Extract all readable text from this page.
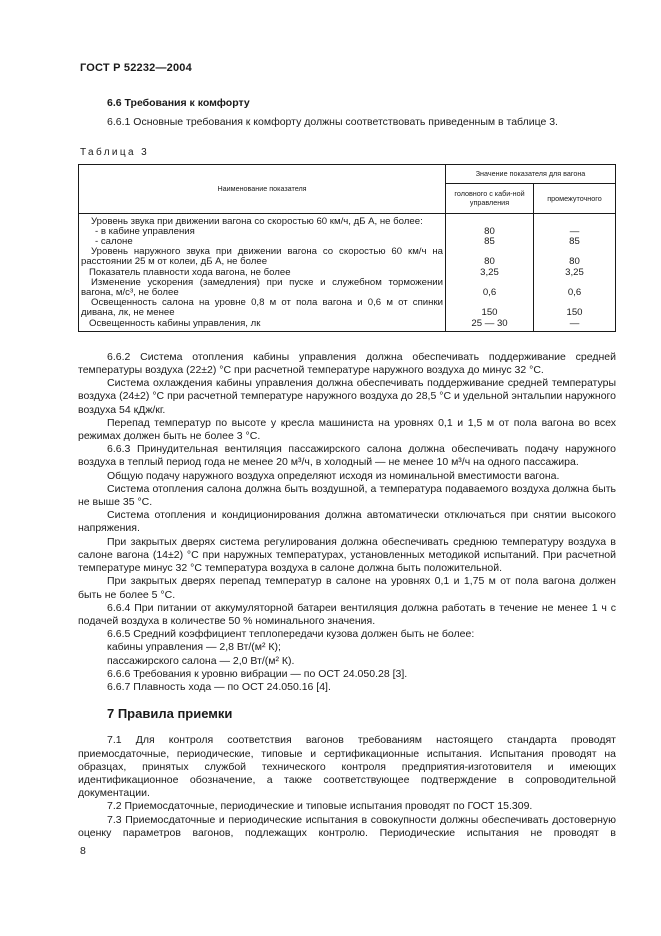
ГОСТ Р 52232—2004

6.6 Требования к комфорту

6.6.1 Основные требования к комфорту должны соответствовать приведенным в таблице 3.

Таблица 3
Наименование показателя	Значение показателя для вагона	
	головного с каби-ной управления	промежуточного
Уровень звука при движении вагона со скоростью 60 км/ч, дБ А, не более:		
- в кабине управления	80	—
- салоне	85	85
Уровень наружного звука при движении вагона со скоростью 60 км/ч на расстоянии 25 м от колеи, дБ А, не более	80	80
Показатель плавности хода вагона, не более	3,25	3,25
Изменение ускорения (замедления) при пуске и служебном торможении вагона, м/с³, не более	0,6	0,6
Освещенность салона на уровне 0,8 м от пола вагона и 0,6 м от спинки дивана, лк, не менее	150	150
Освещенность кабины управления, лк	25 — 30	—

6.6.2 Система отопления кабины управления должна обеспечивать поддерживание средней температуры воздуха (22±2) °С при расчетной температуре наружного воздуха до минус 32 °С.

Система охлаждения кабины управления должна обеспечивать поддерживание средней температуры воздуха (24±2) °С при расчетной температуре наружного воздуха до 28,5 °С и удельной энтальпии наружного воздуха 54 кДж/кг.

Перепад температур по высоте у кресла машиниста на уровнях 0,1 и 1,5 м от пола вагона во всех режимах должен быть не более 3 °С.

6.6.3 Принудительная вентиляция пассажирского салона должна обеспечивать подачу наружного воздуха в теплый период года не менее 20 м³/ч, в холодный — не менее 10 м³/ч на одного пассажира.

Общую подачу наружного воздуха определяют исходя из номинальной вместимости вагона.

Система отопления салона должна быть воздушной, а температура подаваемого воздуха должна быть не выше 35 °С.

Система отопления и кондиционирования должна автоматически отключаться при снятии высокого напряжения.

При закрытых дверях система регулирования должна обеспечивать среднюю температуру воздуха в салоне вагона (14±2) °С при наружных температурах, установленных методикой испытаний. При расчетной температуре минус 32 °С температура воздуха в салоне должна быть положительной.

При закрытых дверях перепад температур в салоне на уровнях 0,1 и 1,75 м от пола вагона должен быть не более 5 °С.

6.6.4 При питании от аккумуляторной батареи вентиляция должна работать в течение не менее 1 ч с подачей воздуха в количестве 50 % номинального значения.

6.6.5 Средний коэффициент теплопередачи кузова должен быть не более:

кабины управления — 2,8 Вт/(м² К);

пассажирского салона — 2,0 Вт/(м² К).

6.6.6 Требования к уровню вибрации — по ОСТ 24.050.28 [3].

6.6.7 Плавность хода — по ОСТ 24.050.16 [4].

7 Правила приемки

7.1 Для контроля соответствия вагонов требованиям настоящего стандарта проводят приемосдаточные, периодические, типовые и сертификационные испытания. Испытания проводят на образцах, принятых службой технического контроля предприятия-изготовителя и имеющих идентификационное обозначение, а также соответствующее подтверждение в сопроводительной документации.

7.2 Приемосдаточные, периодические и типовые испытания проводят по ГОСТ 15.309.

7.3 Приемосдаточные и периодические испытания в совокупности должны обеспечивать достоверную оценку параметров вагонов, подлежащих контролю. Периодические испытания не проводят в

8
